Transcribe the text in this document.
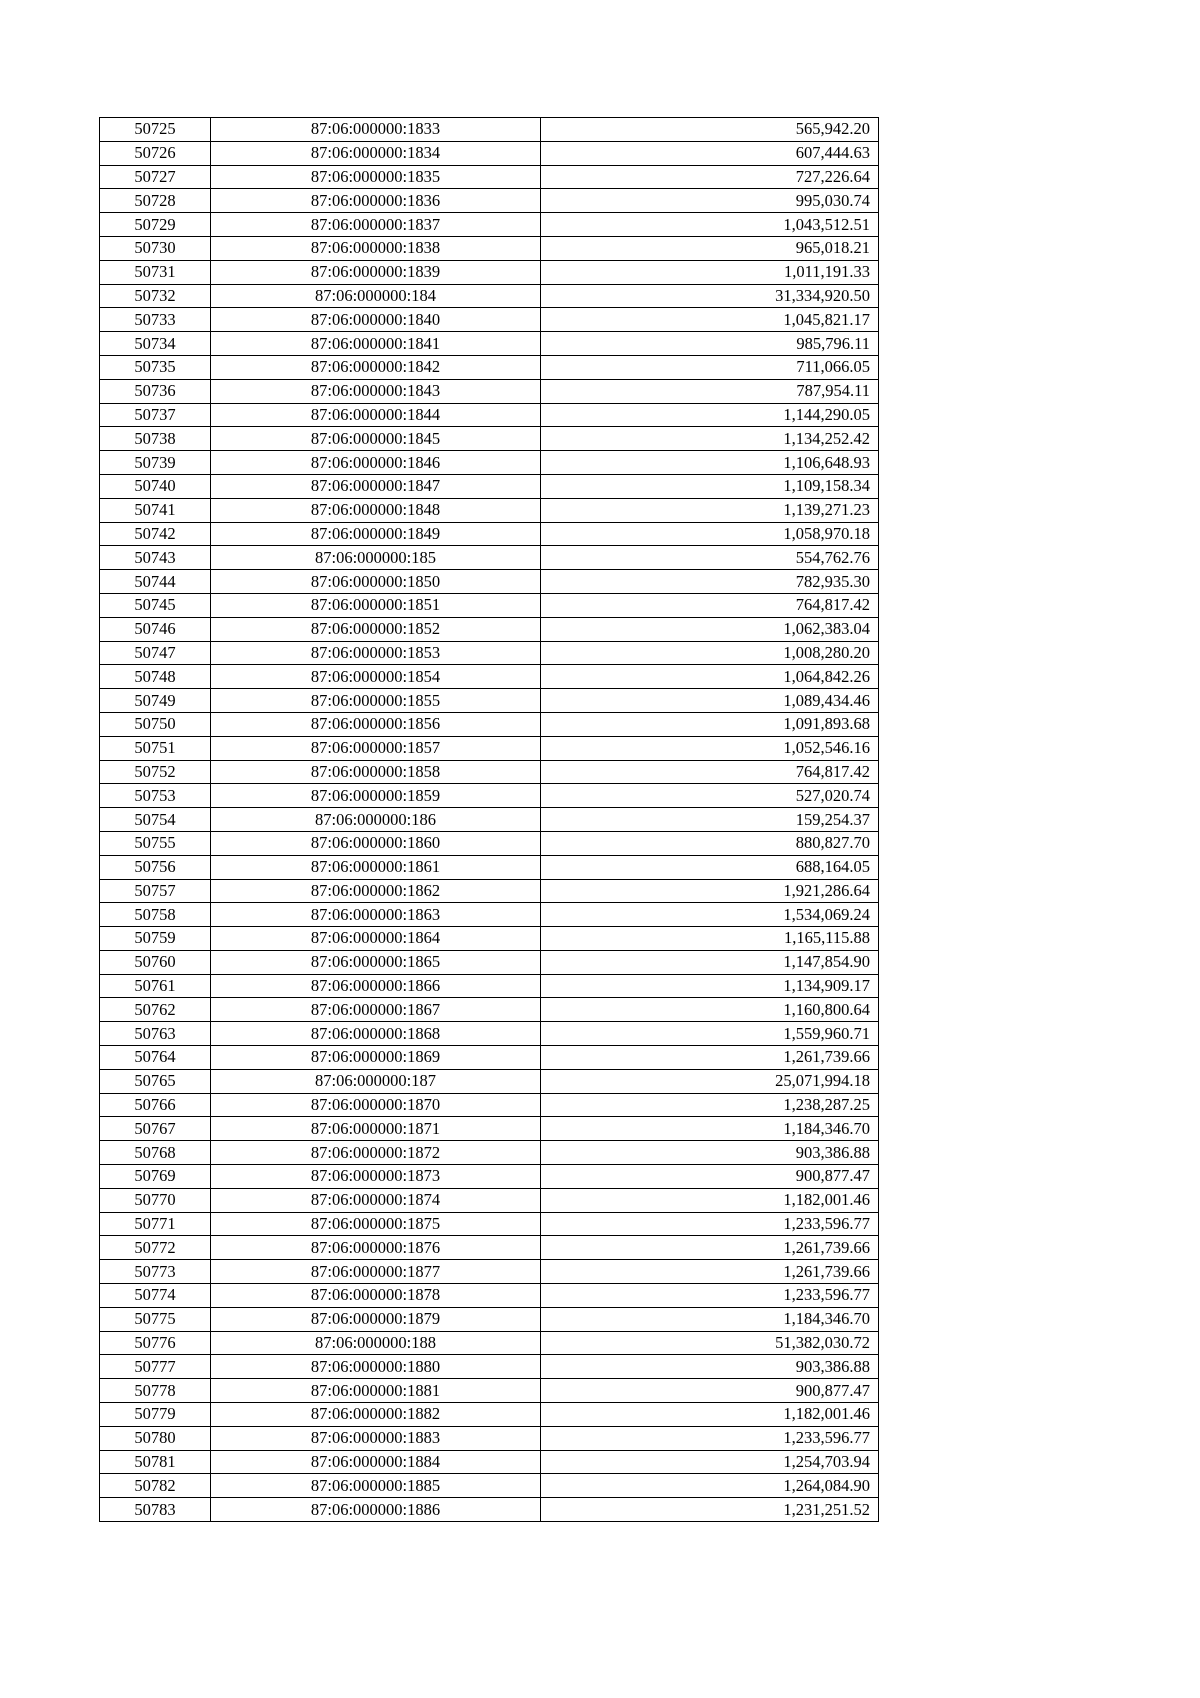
50725	87:06:000000:1833	565,942.20
50726	87:06:000000:1834	607,444.63
50727	87:06:000000:1835	727,226.64
50728	87:06:000000:1836	995,030.74
50729	87:06:000000:1837	1,043,512.51
50730	87:06:000000:1838	965,018.21
50731	87:06:000000:1839	1,011,191.33
50732	87:06:000000:184	31,334,920.50
50733	87:06:000000:1840	1,045,821.17
50734	87:06:000000:1841	985,796.11
50735	87:06:000000:1842	711,066.05
50736	87:06:000000:1843	787,954.11
50737	87:06:000000:1844	1,144,290.05
50738	87:06:000000:1845	1,134,252.42
50739	87:06:000000:1846	1,106,648.93
50740	87:06:000000:1847	1,109,158.34
50741	87:06:000000:1848	1,139,271.23
50742	87:06:000000:1849	1,058,970.18
50743	87:06:000000:185	554,762.76
50744	87:06:000000:1850	782,935.30
50745	87:06:000000:1851	764,817.42
50746	87:06:000000:1852	1,062,383.04
50747	87:06:000000:1853	1,008,280.20
50748	87:06:000000:1854	1,064,842.26
50749	87:06:000000:1855	1,089,434.46
50750	87:06:000000:1856	1,091,893.68
50751	87:06:000000:1857	1,052,546.16
50752	87:06:000000:1858	764,817.42
50753	87:06:000000:1859	527,020.74
50754	87:06:000000:186	159,254.37
50755	87:06:000000:1860	880,827.70
50756	87:06:000000:1861	688,164.05
50757	87:06:000000:1862	1,921,286.64
50758	87:06:000000:1863	1,534,069.24
50759	87:06:000000:1864	1,165,115.88
50760	87:06:000000:1865	1,147,854.90
50761	87:06:000000:1866	1,134,909.17
50762	87:06:000000:1867	1,160,800.64
50763	87:06:000000:1868	1,559,960.71
50764	87:06:000000:1869	1,261,739.66
50765	87:06:000000:187	25,071,994.18
50766	87:06:000000:1870	1,238,287.25
50767	87:06:000000:1871	1,184,346.70
50768	87:06:000000:1872	903,386.88
50769	87:06:000000:1873	900,877.47
50770	87:06:000000:1874	1,182,001.46
50771	87:06:000000:1875	1,233,596.77
50772	87:06:000000:1876	1,261,739.66
50773	87:06:000000:1877	1,261,739.66
50774	87:06:000000:1878	1,233,596.77
50775	87:06:000000:1879	1,184,346.70
50776	87:06:000000:188	51,382,030.72
50777	87:06:000000:1880	903,386.88
50778	87:06:000000:1881	900,877.47
50779	87:06:000000:1882	1,182,001.46
50780	87:06:000000:1883	1,233,596.77
50781	87:06:000000:1884	1,254,703.94
50782	87:06:000000:1885	1,264,084.90
50783	87:06:000000:1886	1,231,251.52
